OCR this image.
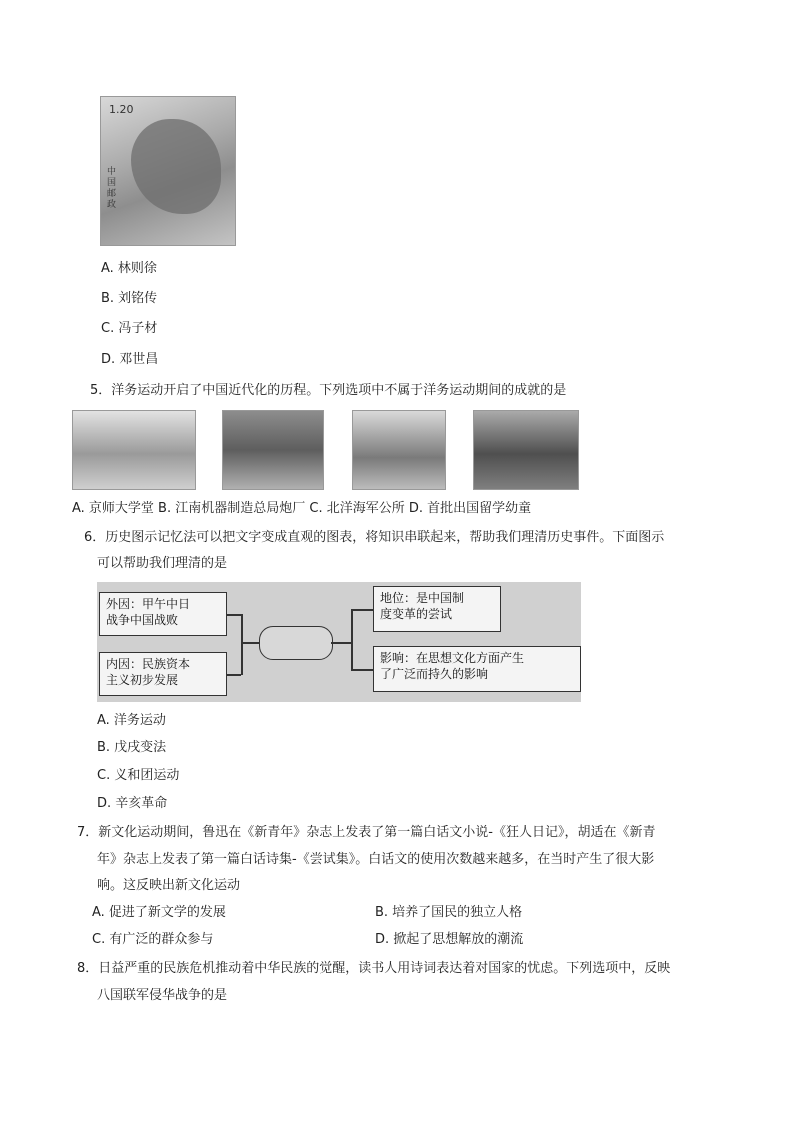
1.20
中国邮政
A. 林则徐
B. 刘铭传
C. 冯子材
D. 邓世昌
5．洋务运动开启了中国近代化的历程。下列选项中不属于洋务运动期间的成就的是
A. 京师大学堂 B. 江南机器制造总局炮厂 C. 北洋海军公所 D. 首批出国留学幼童
6．历史图示记忆法可以把文字变成直观的图表，将知识串联起来，帮助我们理清历史事件。下面图示
可以帮助我们理清的是
外因：甲午中日
战争中国战败
内因：民族资本
主义初步发展
地位：是中国制
度变革的尝试
影响：在思想文化方面产生
了广泛而持久的影响
A. 洋务运动
B. 戊戌变法
C. 义和团运动
D. 辛亥革命
7．新文化运动期间，鲁迅在《新青年》杂志上发表了第一篇白话文小说-《狂人日记》，胡适在《新青
年》杂志上发表了第一篇白话诗集-《尝试集》。白话文的使用次数越来越多，在当时产生了很大影
响。这反映出新文化运动
A. 促进了新文学的发展	B. 培养了国民的独立人格
C. 有广泛的群众参与	D. 掀起了思想解放的潮流
8．日益严重的民族危机推动着中华民族的觉醒，读书人用诗词表达着对国家的忧虑。下列选项中，反映
八国联军侵华战争的是
